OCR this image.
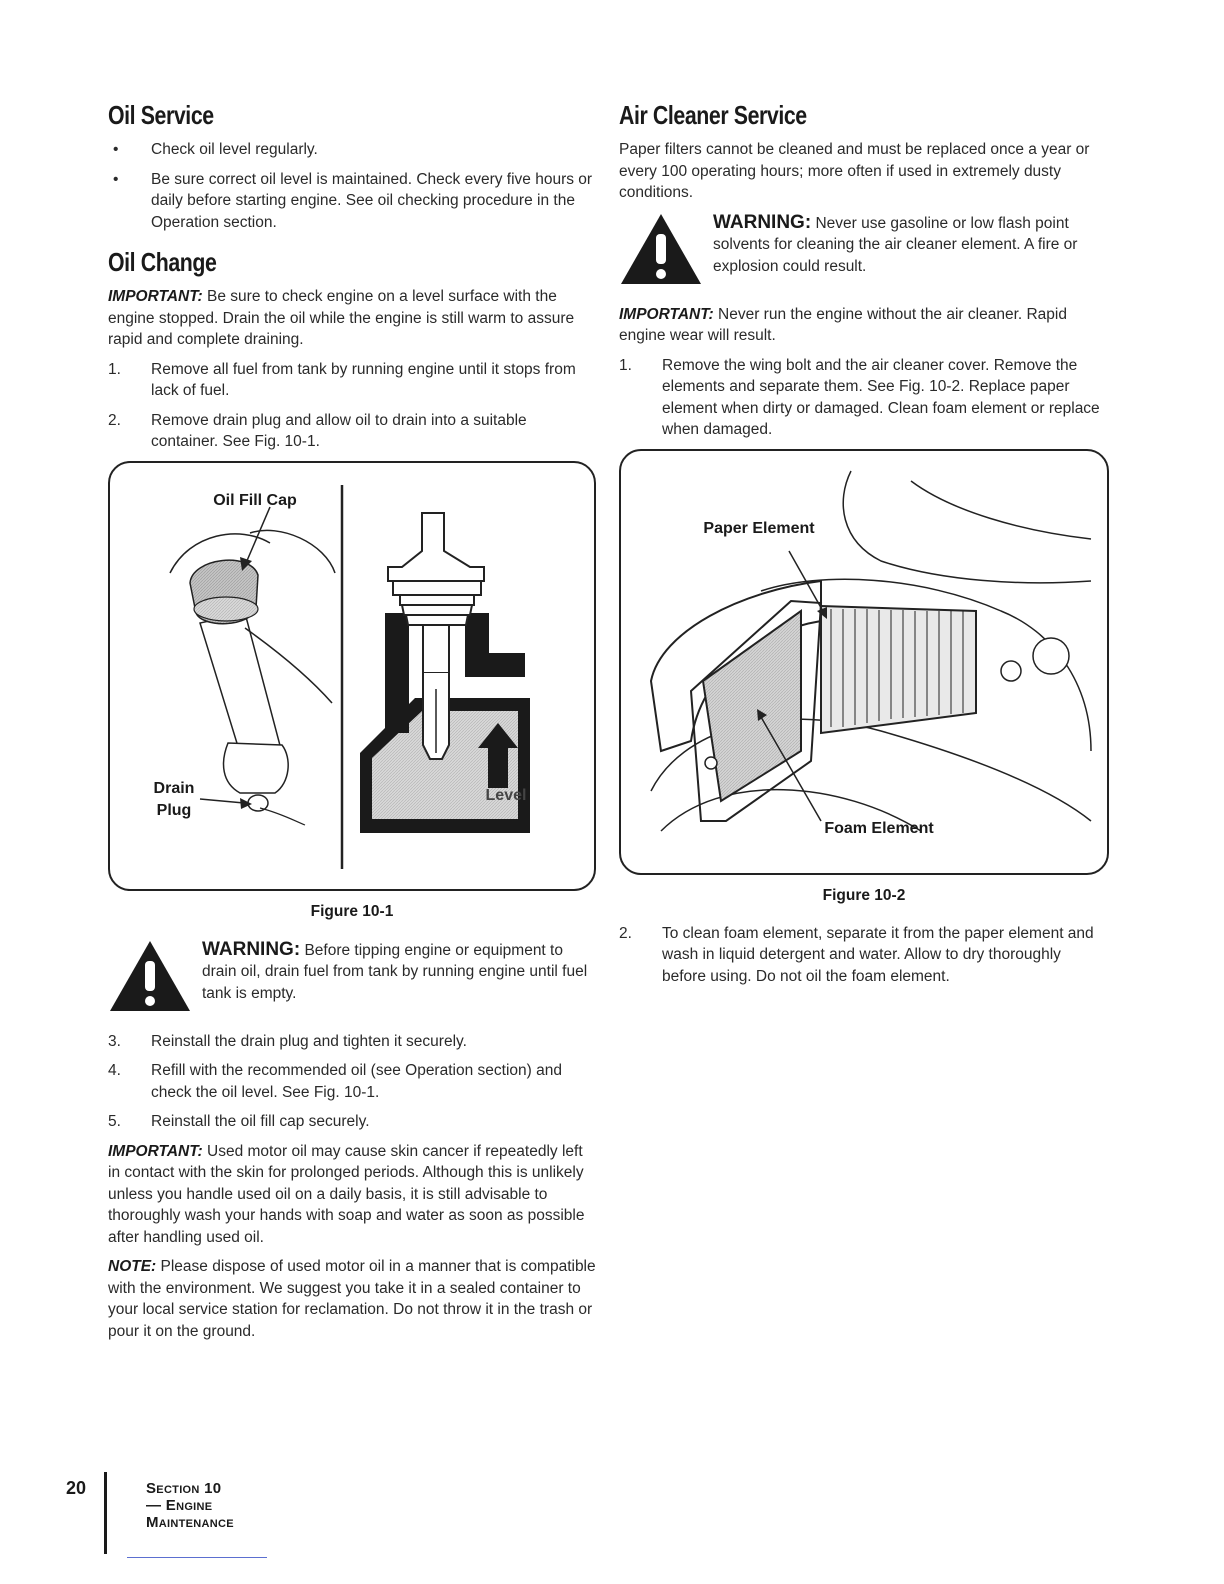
Oil Service
•	Check oil level regularly.
•	Be sure correct oil level is maintained. Check every five hours or daily before starting engine. See oil checking procedure in the Operation section.
Oil Change

IMPORTANT: Be sure to check engine on a level surface with the engine stopped. Drain the oil while the engine is still warm to assure rapid and complete draining.

1.	Remove all fuel from tank by running engine until it stops from lack of fuel.
2.	Remove drain plug and allow oil to drain into a suitable container. See Fig. 10-1.
Oil Fill Cap
Drain
Plug
Level
Figure 10-1

WARNING: Before tipping engine or equipment to drain oil, drain fuel from tank by running engine until fuel tank is empty.

3.	Reinstall the drain plug and tighten it securely.
4.	Refill with the recommended oil (see Operation section) and check the oil level. See Fig. 10-1.
5.	Reinstall the oil fill cap securely.

IMPORTANT: Used motor oil may cause skin cancer if repeatedly left in contact with the skin for prolonged periods. Although this is unlikely unless you handle used oil on a daily basis, it is still advisable to thoroughly wash your hands with soap and water as soon as possible after handling used oil.

NOTE: Please dispose of used motor oil in a manner that is compatible with the environment. We suggest you take it in a sealed container to your local service station for reclamation. Do not throw it in the trash or pour it on the ground.

Air Cleaner Service

Paper filters cannot be cleaned and must be replaced once a year or every 100 operating hours; more often if used in extremely dusty conditions.

WARNING: Never use gasoline or low flash point solvents for cleaning the air cleaner element. A fire or explosion could result.

IMPORTANT: Never run the engine without the air cleaner. Rapid engine wear will result.

1.	Remove the wing bolt and the air cleaner cover. Remove the elements and separate them. See Fig. 10-2. Replace paper element when dirty or damaged. Clean foam element or replace when damaged.
Paper Element
Foam Element
Figure 10-2
2.	To clean foam element, separate it from the paper element and wash in liquid detergent and water. Allow to dry thoroughly before using. Do not oil the foam element.
20	Section 10— Engine Maintenance
